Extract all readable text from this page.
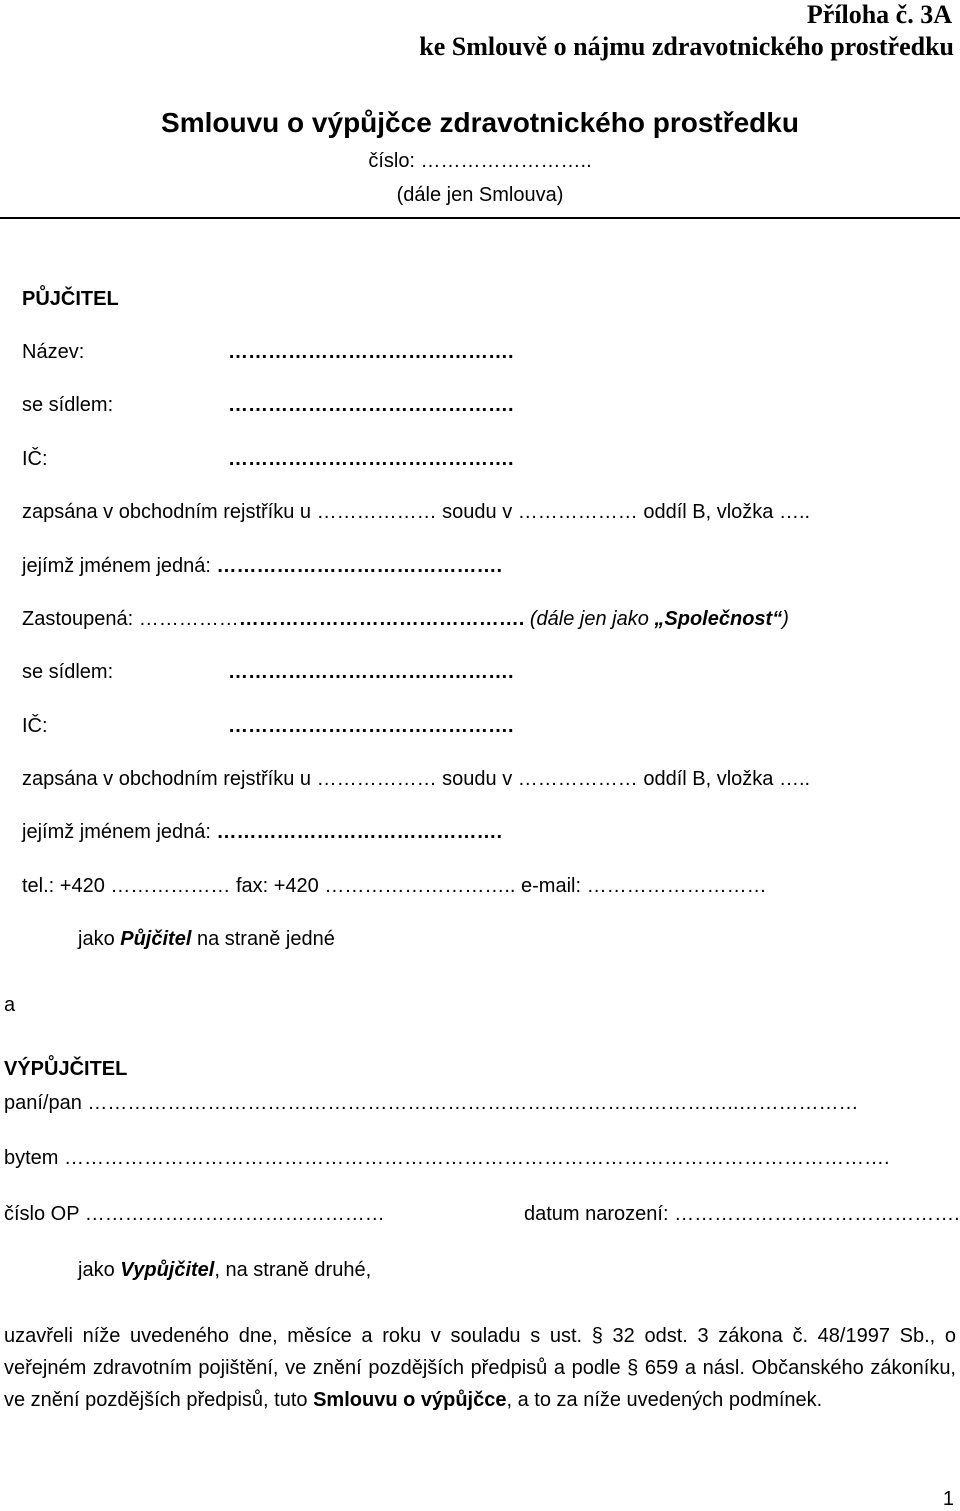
Příloha č. 3A
ke Smlouvě o nájmu zdravotnického prostředku
Smlouvu o výpůjčce zdravotnického prostředku
číslo: ……………………..
(dále jen Smlouva)
PŮJČITEL
Název:	…………………………………….
se sídlem:	…………………………………….
IČ:	…………………………………….
zapsána v obchodním rejstříku u ……………… soudu v ……………… oddíl B, vložka …..
jejímž jménem jedná: …………………………………….
Zastoupená: …………………………………………………. (dále jen jako „Společnost“)
se sídlem:	…………………………………….
IČ:	…………………………………….
zapsána v obchodním rejstříku u ……………… soudu v ……………… oddíl B, vložka …..
jejímž jménem jedná: …………………………………….
tel.: +420 ……………… fax: +420 ……………………….. e-mail: ………………………
jako Půjčitel na straně jedné
a
VÝPŮJČITEL
paní/pan ……………………………………………………………………………………..………………
bytem …………………………………………………………………………………………………………….
číslo OP ………………………………………	datum narození: …………………………………….
jako Vypůjčitel, na straně druhé,
uzavřeli níže uvedeného dne, měsíce a roku v souladu s ust. § 32 odst. 3 zákona č. 48/1997 Sb., o veřejném zdravotním pojištění, ve znění pozdějších předpisů a podle § 659 a násl. Občanského zákoníku, ve znění pozdějších předpisů, tuto Smlouvu o výpůjčce, a to za níže uvedených podmínek.
1
